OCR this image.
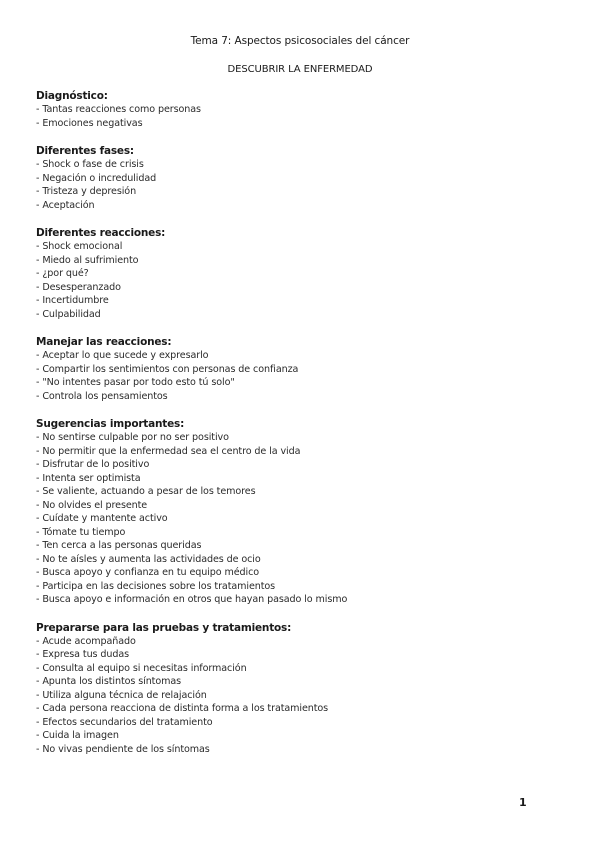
Tema 7: Aspectos psicosociales del cáncer
DESCUBRIR LA ENFERMEDAD
Diagnóstico:
- Tantas reacciones como personas
- Emociones negativas
Diferentes fases:
- Shock o fase de crisis
- Negación o incredulidad
- Tristeza y depresión
- Aceptación
Diferentes reacciones:
- Shock emocional
- Miedo al sufrimiento
- ¿por qué?
- Desesperanzado
- Incertidumbre
- Culpabilidad
Manejar las reacciones:
- Aceptar lo que sucede y expresarlo
- Compartir los sentimientos con personas de confianza
- "No intentes pasar por todo esto tú solo"
- Controla los pensamientos
Sugerencias importantes:
- No sentirse culpable por no ser positivo
- No permitir que la enfermedad sea el centro de la vida
- Disfrutar de lo positivo
- Intenta ser optimista
- Se valiente, actuando a pesar de los temores
- No olvides el presente
- Cuídate y mantente activo
- Tómate tu tiempo
- Ten cerca a las personas queridas
- No te aísles y aumenta las actividades de ocio
- Busca apoyo y confianza en tu equipo médico
- Participa en las decisiones sobre los tratamientos
- Busca apoyo e información en otros que hayan pasado lo mismo
Prepararse para las pruebas y tratamientos:
- Acude acompañado
- Expresa tus dudas
- Consulta al equipo si necesitas información
- Apunta los distintos síntomas
- Utiliza alguna técnica de relajación
- Cada persona reacciona de distinta forma a los tratamientos
- Efectos secundarios del tratamiento
- Cuida la imagen
- No vivas pendiente de los síntomas
1
